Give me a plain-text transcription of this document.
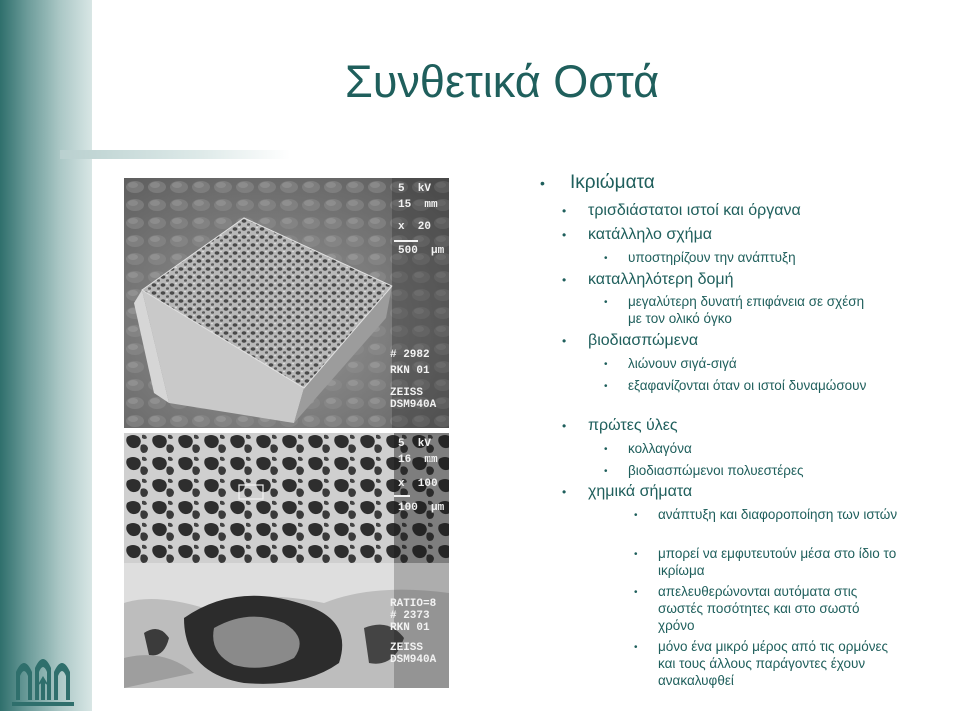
Συνθετικά Οστά
5  kV
15  mm
x  20
500  µm
# 2982
RKN 01
ZEISS
DSM940A
5  kV
16  mm
x  100
100  µm
RATIO=8
# 2373
RKN 01
ZEISS
DSM940A
• Ικριώματα
• τρισδιάστατοι ιστοί και όργανα
• κατάλληλο σχήμα
• υποστηρίζουν την ανάπτυξη
• καταλληλότερη δομή
• μεγαλύτερη δυνατή επιφάνεια σε σχέση με τον ολικό όγκο
• βιοδιασπώμενα
• λιώνουν σιγά-σιγά
• εξαφανίζονται όταν οι ιστοί δυναμώσουν
• πρώτες ύλες
• κολλαγόνα
• βιοδιασπώμενοι πολυεστέρες
• χημικά σήματα
• ανάπτυξη και διαφοροποίηση των ιστών
• μπορεί να εμφυτευτούν μέσα στο ίδιο το ικρίωμα
• απελευθερώνονται αυτόματα στις σωστές ποσότητες και στο σωστό χρόνο
• μόνο ένα μικρό μέρος από τις ορμόνες και τους άλλους παράγοντες έχουν ανακαλυφθεί
